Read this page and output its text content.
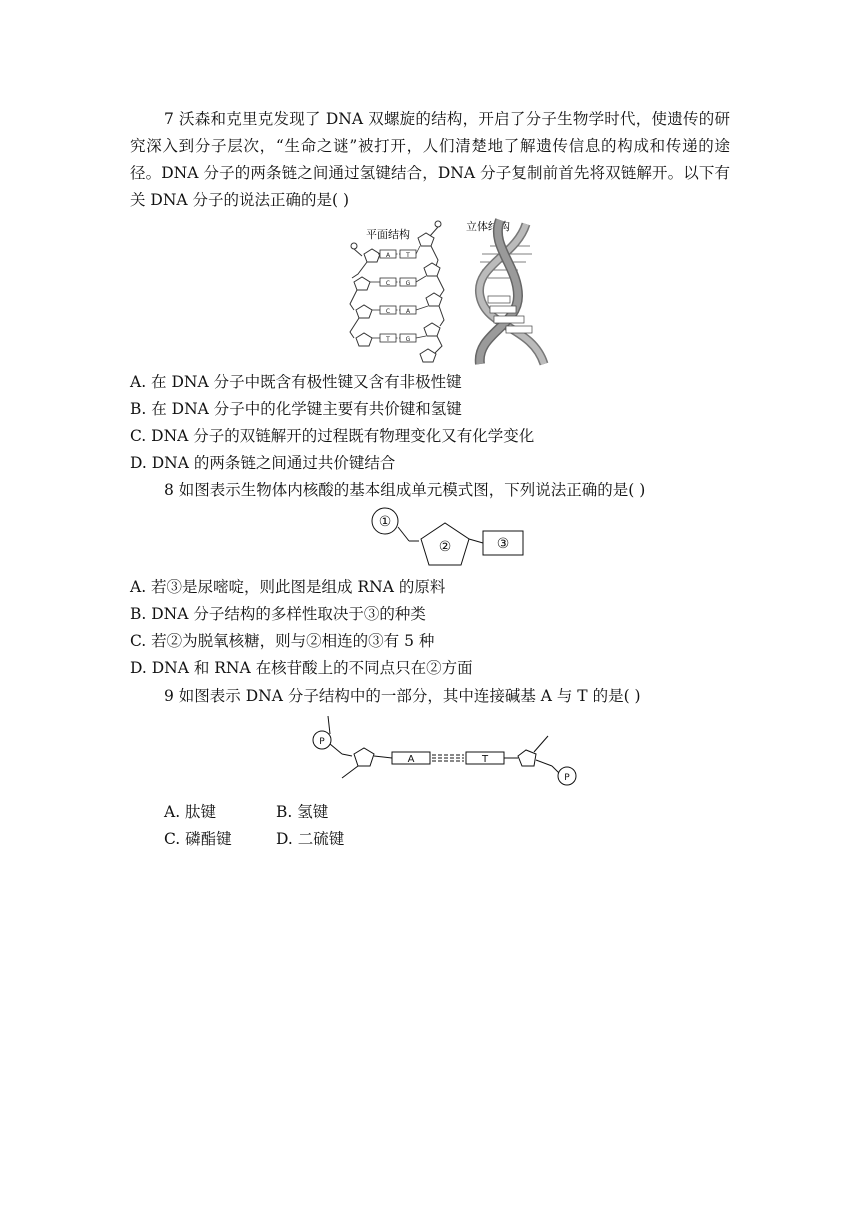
7 沃森和克里克发现了 DNA 双螺旋的结构，开启了分子生物学时代，使遗传的研究深入到分子层次，“生命之谜”被打开，人们清楚地了解遗传信息的构成和传递的途径。DNA 分子的两条链之间通过氢键结合，DNA 分子复制前首先将双链解开。以下有关 DNA 分子的说法正确的是( )
平面结构
立体结构
A	T
C	G
C	A
T	G
A. 在 DNA 分子中既含有极性键又含有非极性键
B. 在 DNA 分子中的化学键主要有共价键和氢键
C. DNA 分子的双链解开的过程既有物理变化又有化学变化
D. DNA 的两条链之间通过共价键结合
8 如图表示生物体内核酸的基本组成单元模式图，下列说法正确的是( )
①
②	③
A. 若③是尿嘧啶，则此图是组成 RNA 的原料
B. DNA 分子结构的多样性取决于③的种类
C. 若②为脱氧核糖，则与②相连的③有 5 种
D. DNA 和 RNA 在核苷酸上的不同点只在②方面
9 如图表示 DNA 分子结构中的一部分，其中连接碱基 A 与 T 的是( )
P
A	T
P
A. 肽键	B. 氢键
C. 磷酯键	D. 二硫键
